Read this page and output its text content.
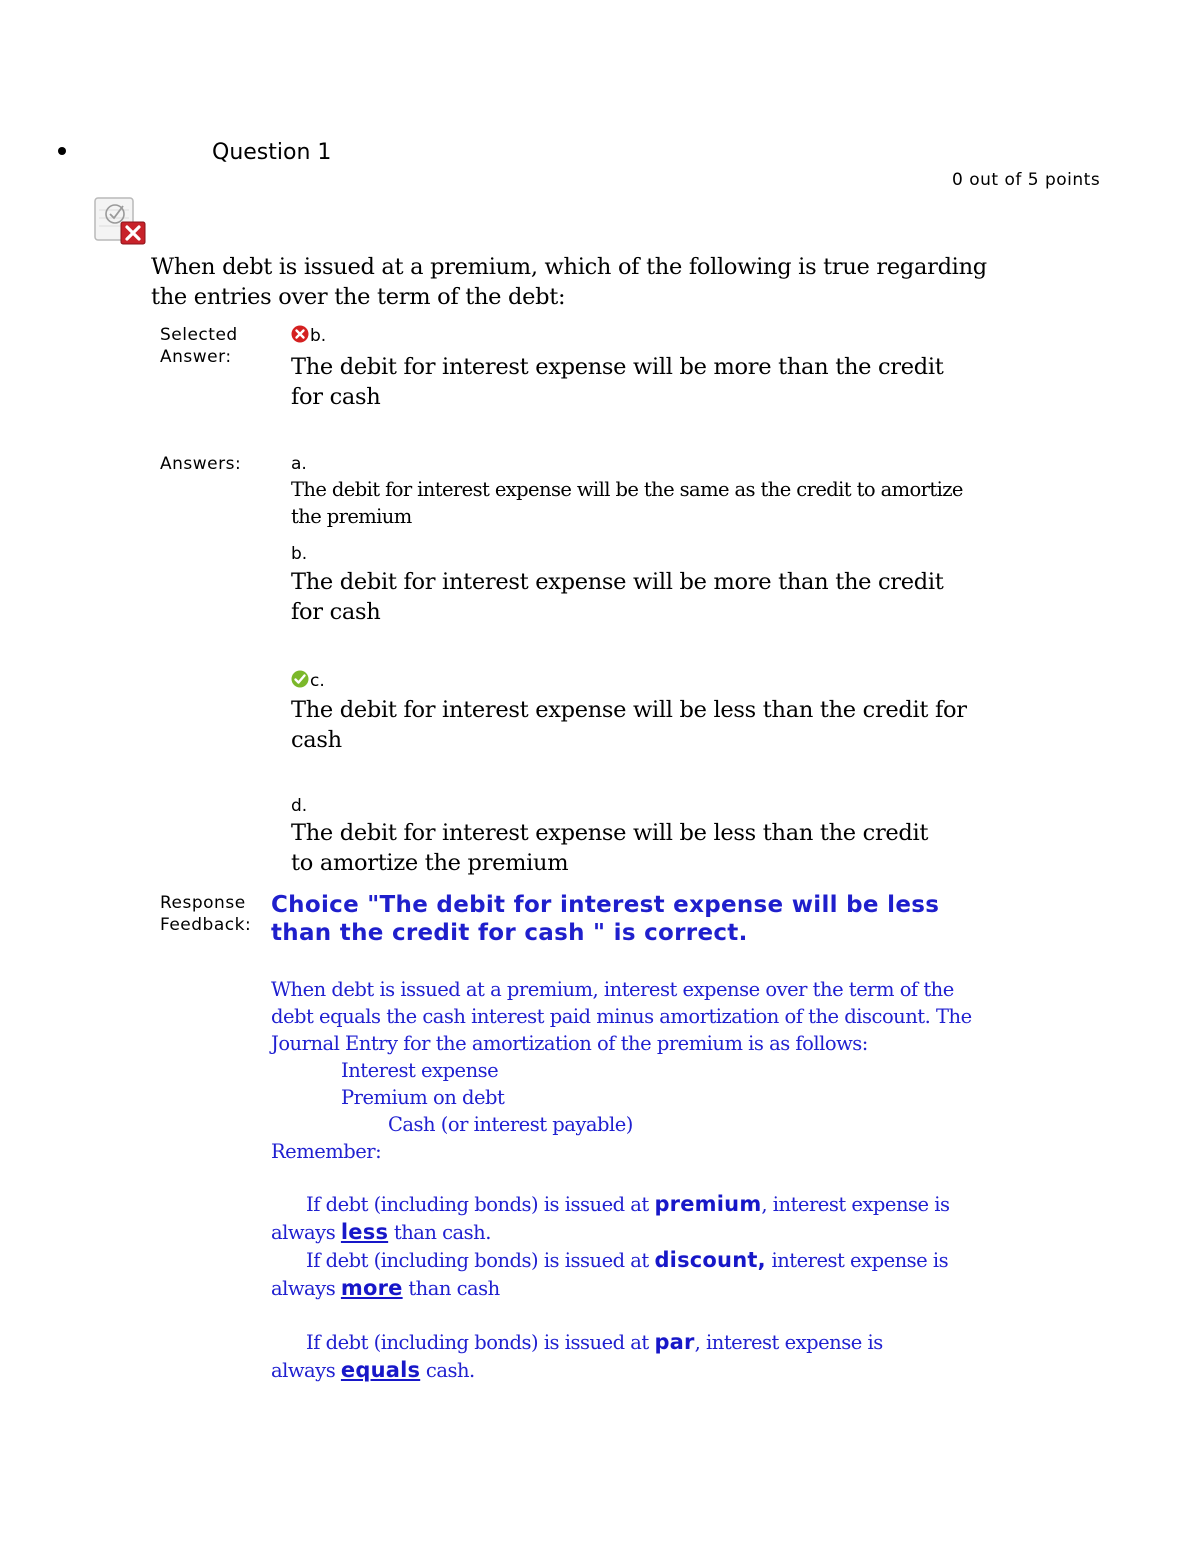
Question 1
0 out of 5 points
When debt is issued at a premium, which of the following is true regarding the entries over the term of the debt:
Selected
Answer:
b.
The debit for interest expense will be more than the credit for cash
Answers:	a.
The debit for interest expense will be the same as the credit to amortize the premium
b.
The debit for interest expense will be more than the credit for cash
c.
The debit for interest expense will be less than the credit for cash
d.
The debit for interest expense will be less than the credit to amortize the premium
Response
Feedback:
Choice "The debit for interest expense will be less than the credit for cash " is correct.
When debt is issued at a premium, interest expense over the term of the debt equals the cash interest paid minus amortization of the discount. The Journal Entry for the amortization of the premium is as follows:
Interest expense
Premium on debt
Cash (or interest payable)
Remember:
If debt (including bonds) is issued at premium, interest expense is
always less than cash.
If debt (including bonds) is issued at discount, interest expense is
always more than cash
If debt (including bonds) is issued at par, interest expense is
always equals cash.
